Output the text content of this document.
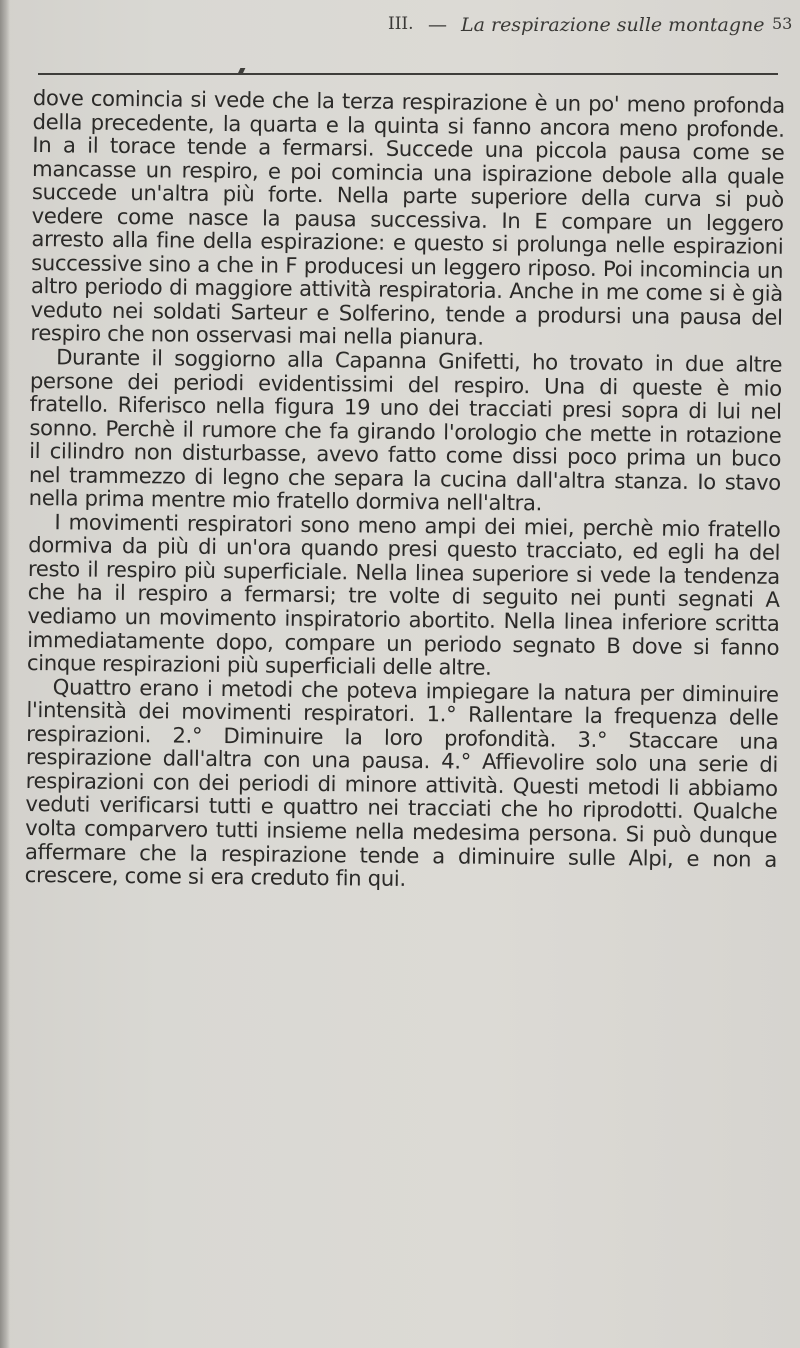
III. — La respirazione sulle montagne 53

dove comincia si vede che la terza respirazione è un po' meno profonda della precedente, la quarta e la quinta si fanno ancora meno profonde. In a il torace tende a fermarsi. Succede una piccola pausa come se mancasse un respiro, e poi comincia una ispirazione debole alla quale succede un'altra più forte. Nella parte superiore della curva si può vedere come nasce la pausa successiva. In E compare un leggero arresto alla fine della espirazione: e questo si prolunga nelle espirazioni successive sino a che in F producesi un leggero riposo. Poi incomincia un altro periodo di maggiore attività respiratoria. Anche in me come si è già veduto nei soldati Sarteur e Solferino, tende a prodursi una pausa del respiro che non osservasi mai nella pianura.

Durante il soggiorno alla Capanna Gnifetti, ho trovato in due altre persone dei periodi evidentissimi del respiro. Una di queste è mio fratello. Riferisco nella figura 19 uno dei tracciati presi sopra di lui nel sonno. Perchè il rumore che fa girando l'orologio che mette in rotazione il cilindro non disturbasse, avevo fatto come dissi poco prima un buco nel trammezzo di legno che separa la cucina dall'altra stanza. Io stavo nella prima mentre mio fratello dormiva nell'altra.

I movimenti respiratori sono meno ampi dei miei, perchè mio fratello dormiva da più di un'ora quando presi questo tracciato, ed egli ha del resto il respiro più superficiale. Nella linea superiore si vede la tendenza che ha il respiro a fermarsi; tre volte di seguito nei punti segnati A vediamo un movimento inspiratorio abortito. Nella linea inferiore scritta immediatamente dopo, compare un periodo segnato B dove si fanno cinque respirazioni più superficiali delle altre.

Quattro erano i metodi che poteva impiegare la natura per diminuire l'intensità dei movimenti respiratori. 1.° Rallentare la frequenza delle respirazioni. 2.° Diminuire la loro profondità. 3.° Staccare una respirazione dall'altra con una pausa. 4.° Affievolire solo una serie di respirazioni con dei periodi di minore attività. Questi metodi li abbiamo veduti verificarsi tutti e quattro nei tracciati che ho riprodotti. Qualche volta comparvero tutti insieme nella medesima persona. Si può dunque affermare che la respirazione tende a diminuire sulle Alpi, e non a crescere, come si era creduto fin qui.
